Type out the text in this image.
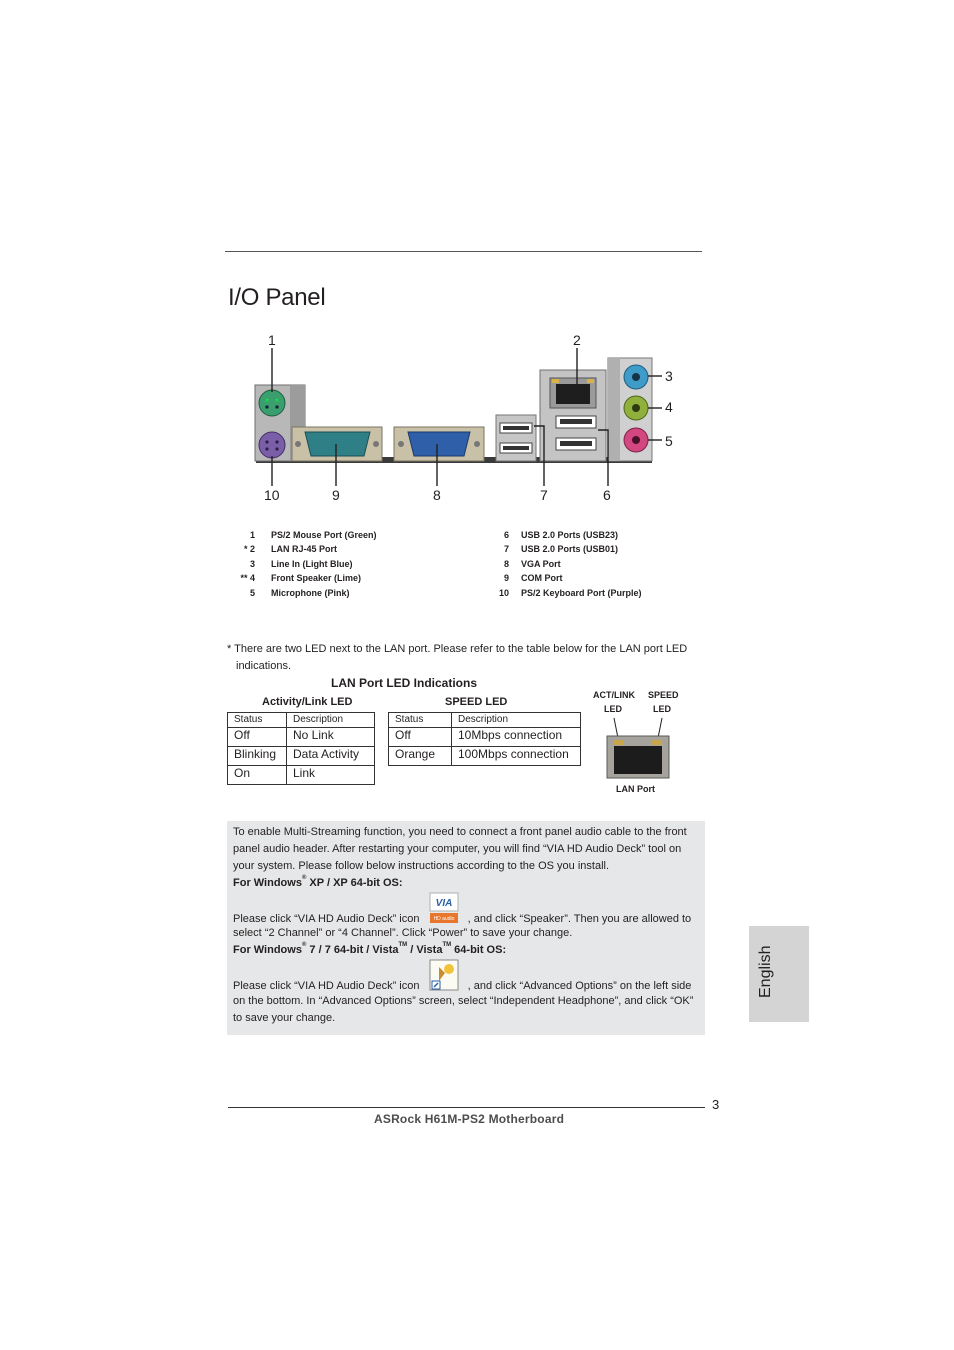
I/O Panel
1	2
3
4
5
10	9	8	7	6
1 PS/2 Mouse Port (Green)
* 2 LAN RJ-45 Port
3 Line In (Light Blue)
** 4 Front Speaker (Lime)
5 Microphone (Pink)
6 USB 2.0 Ports (USB23)
7 USB 2.0 Ports (USB01)
8 VGA Port
9 COM Port
10 PS/2 Keyboard Port (Purple)
* There are two LED next to the LAN port. Please refer to the table below for the LAN port LED
indications.
LAN Port LED Indications
Activity/Link LED	SPEED LED
Status	Description
Off	No Link
Blinking	Data Activity
On	Link
Status	Description
Off	10Mbps connection
Orange	100Mbps connection
ACT/LINK
LED
SPEED
LED
LAN Port

To enable Multi-Streaming function, you need to connect a front panel audio cable to the front panel audio header. After restarting your computer, you will find “VIA HD Audio Deck” tool on your system. Please follow below instructions according to the OS you install.

For Windows® XP / XP 64-bit OS:

Please click “VIA HD Audio Deck” icon
VIA
HD audio , and click “Speaker”. Then you are allowed to

select “2 Channel” or “4 Channel”. Click “Power” to save your change.

For Windows® 7 / 7 64-bit / Vista™ / Vista™ 64-bit OS:

Please click “VIA HD Audio Deck” icon	, and click “Advanced Options” on the left side

on the bottom. In “Advanced Options” screen, select “Independent Headphone”, and click “OK” to save your change.

English
3
ASRock H61M-PS2 Motherboard
